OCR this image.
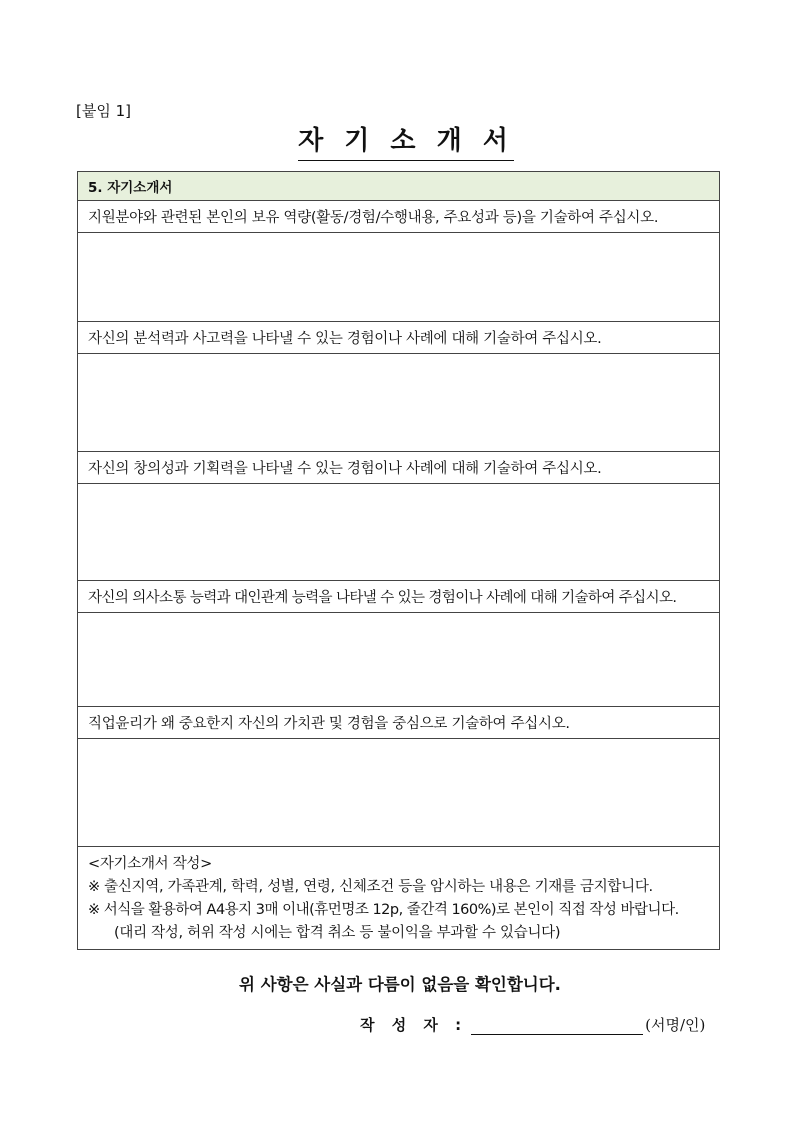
[붙임 1]
자 기 소 개 서
5. 자기소개서
지원분야와 관련된 본인의 보유 역량(활동/경험/수행내용, 주요성과 등)을 기술하여 주십시오.

자신의 분석력과 사고력을 나타낼 수 있는 경험이나 사례에 대해 기술하여 주십시오.

자신의 창의성과 기획력을 나타낼 수 있는 경험이나 사례에 대해 기술하여 주십시오.

자신의 의사소통 능력과 대인관계 능력을 나타낼 수 있는 경험이나 사례에 대해 기술하여 주십시오.

직업윤리가 왜 중요한지 자신의 가치관 및 경험을 중심으로 기술하여 주십시오.

<자기소개서 작성>
※ 출신지역, 가족관계, 학력, 성별, 연령, 신체조건 등을 암시하는 내용은 기재를 금지합니다.
※ 서식을 활용하여 A4용지 3매 이내(휴먼명조 12p, 줄간격 160%)로 본인이 직접 작성 바랍니다.
(대리 작성, 허위 작성 시에는 합격 취소 등 불이익을 부과할 수 있습니다)
위 사항은 사실과 다름이 없음을 확인합니다.
작 성 자 :	(서명/인)
